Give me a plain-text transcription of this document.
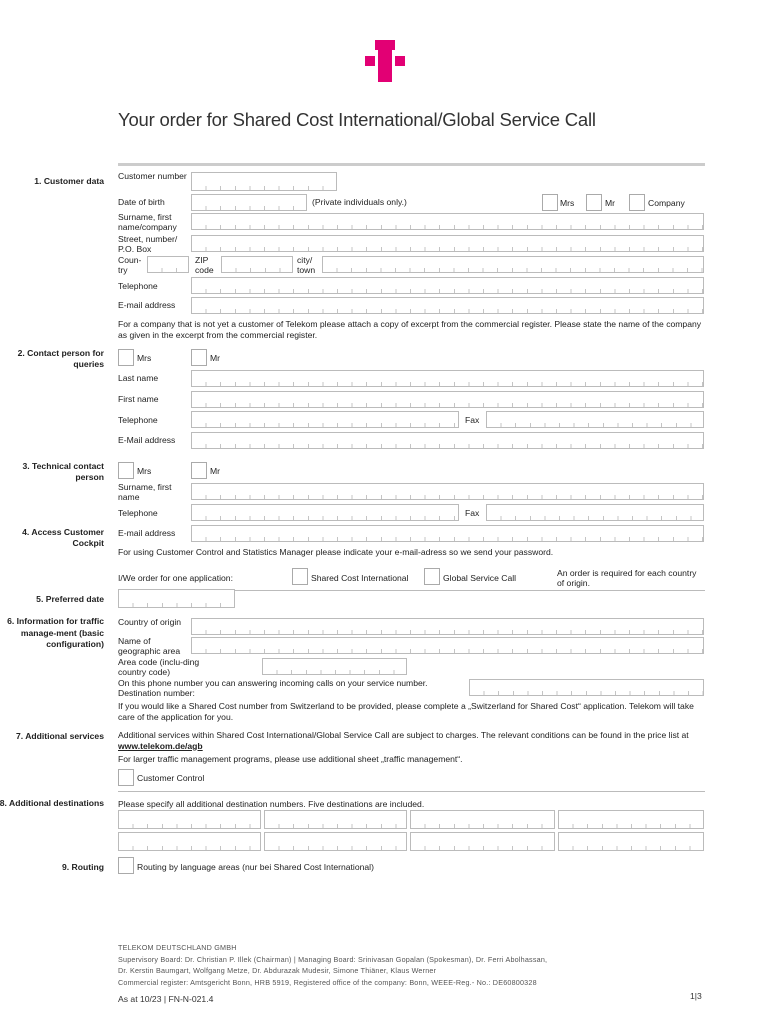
Your order for Shared Cost International/Global Service Call
1. Customer data Customer number
Date of birth	(Private individuals only.)	Mrs	Mr	Company
Surname, first name/company
Street, number/ P.O. Box
Coun-try
ZIP code
city/ town
Telephone
E-mail address
For a company that is not yet a customer of Telekom please attach a copy of excerpt from the commercial register. Please state the name of the company as given in the excerpt from the commercial register.
2. Contact person for queries
Mrs	Mr
Last name
First name
Telephone	Fax
E-Mail address
3. Technical contact person
Mrs	Mr
Surname, first name
Telephone	Fax
4. Access Customer Cockpit
E-mail address
For using Customer Control and Statistics Manager please indicate your e-mail-adress so we send your password.
I/We order for one application:	Shared Cost International	Global Service Call	An order is required for each country of origin.
5. Preferred date
6. Information for traffic manage-ment (basic configuration)
Country of origin
Name of geographic area
Area code (inclu-ding country code)
On this phone number you can answering incoming calls on your service number. Destination number:
If you would like a Shared Cost number from Switzerland to be provided, please complete a „Switzerland for Shared Cost“ application. Telekom will take care of the application for you.
7. Additional services Additional services within Shared Cost International/Global Service Call are subject to charges. The relevant conditions can be found in the price list at www.telekom.de/agb
For larger traffic management programs, please use additional sheet „traffic management“.
Customer Control
8. Additional destinations Please specify all additional destination numbers. Five destinations are included.
9. Routing	Routing by language areas (nur bei Shared Cost International)
TELEKOM DEUTSCHLAND GMBH
Supervisory Board: Dr. Christian P. Illek (Chairman) | Managing Board: Srinivasan Gopalan (Spokesman), Dr. Ferri Abolhassan,
Dr. Kerstin Baumgart, Wolfgang Metze, Dr. Abdurazak Mudesir, Simone Thiäner, Klaus Werner
Commercial register: Amtsgericht Bonn, HRB 5919, Registered office of the company: Bonn, WEEE-Reg.- No.: DE60800328
As at 10/23 | FN-N-021.4	1|3
